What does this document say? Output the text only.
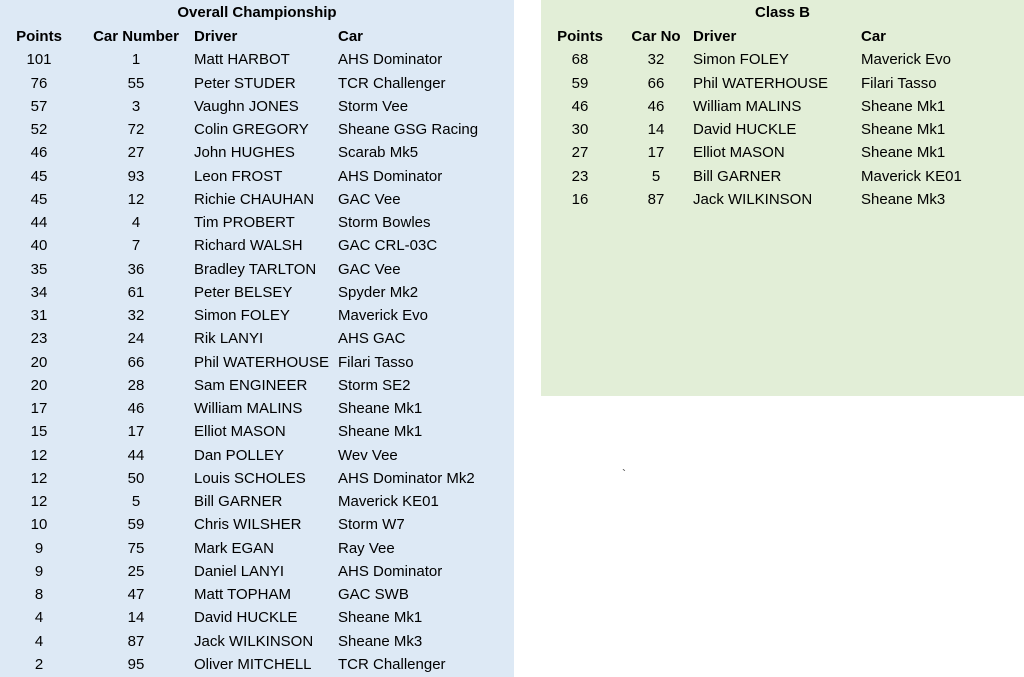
Overall Championship
Points	Car Number	Driver	Car
101	1	Matt HARBOT	AHS Dominator
76	55	Peter STUDER	TCR Challenger
57	3	Vaughn JONES	Storm Vee
52	72	Colin GREGORY	Sheane GSG Racing
46	27	John HUGHES	Scarab Mk5
45	93	Leon FROST	AHS Dominator
45	12	Richie CHAUHAN	GAC Vee
44	4	Tim PROBERT	Storm Bowles
40	7	Richard WALSH	GAC CRL-03C
35	36	Bradley TARLTON	GAC Vee
34	61	Peter BELSEY	Spyder Mk2
31	32	Simon FOLEY	Maverick Evo
23	24	Rik LANYI	AHS GAC
20	66	Phil WATERHOUSE	Filari Tasso
20	28	Sam ENGINEER	Storm SE2
17	46	William MALINS	Sheane Mk1
15	17	Elliot MASON	Sheane Mk1
12	44	Dan POLLEY	Wev Vee
12	50	Louis SCHOLES	AHS Dominator Mk2
12	5	Bill GARNER	Maverick KE01
10	59	Chris WILSHER	Storm W7
9	75	Mark EGAN	Ray Vee
9	25	Daniel LANYI	AHS Dominator
8	47	Matt TOPHAM	GAC SWB
4	14	David HUCKLE	Sheane Mk1
4	87	Jack WILKINSON	Sheane Mk3
2	95	Oliver MITCHELL	TCR Challenger
Class B
Points	Car No	Driver	Car
68	32	Simon FOLEY	Maverick Evo
59	66	Phil WATERHOUSE	Filari Tasso
46	46	William MALINS	Sheane Mk1
30	14	David HUCKLE	Sheane Mk1
27	17	Elliot MASON	Sheane Mk1
23	5	Bill GARNER	Maverick KE01
16	87	Jack WILKINSON	Sheane Mk3
`
